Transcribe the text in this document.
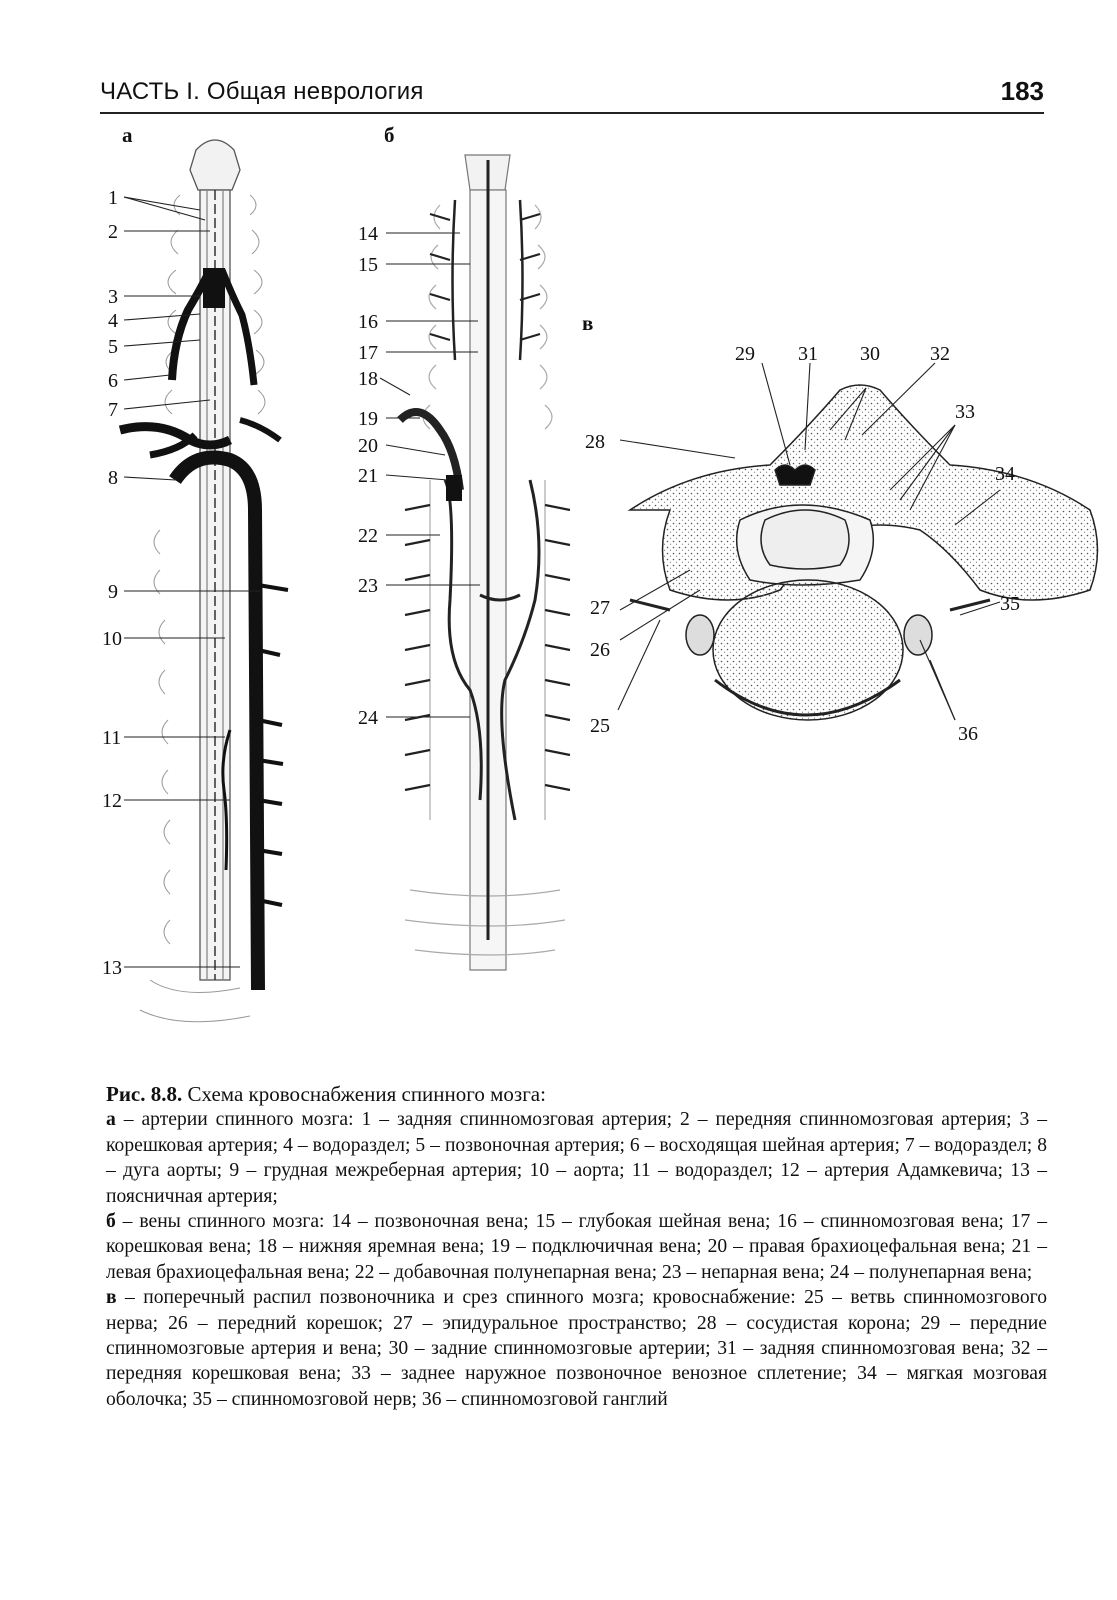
ЧАСТЬ I. Общая неврология	183
а
1
2
3
4
5
6
7
8
9
10
11
12
13
б
14
15
16
17
18
19
20
21
22
23
24
в
29 31 30	32
33
28
34
35
27
26
25	36

Рис. 8.8. Схема кровоснабжения спинного мозга:

а – артерии спинного мозга: 1 – задняя спинномозговая артерия; 2 – передняя спинномозговая артерия; 3 – корешковая артерия; 4 – водораздел; 5 – позвоночная артерия; 6 – восходящая шейная артерия; 7 – водораздел; 8 – дуга аорты; 9 – грудная межреберная артерия; 10 – аорта; 11 – водораздел; 12 – артерия Адамкевича; 13 – поясничная артерия;

б – вены спинного мозга: 14 – позвоночная вена; 15 – глубокая шейная вена; 16 – спинномозговая вена; 17 – корешковая вена; 18 – нижняя яремная вена; 19 – подключичная вена; 20 – правая брахиоцефальная вена; 21 – левая брахиоцефальная вена; 22 – добавочная полунепарная вена; 23 – непарная вена; 24 – полунепарная вена;

в – поперечный распил позвоночника и срез спинного мозга; кровоснабжение: 25 – ветвь спинномозгового нерва; 26 – передний корешок; 27 – эпидуральное пространство; 28 – сосудистая корона; 29 – передние спинномозговые артерия и вена; 30 – задние спинномозговые артерии; 31 – задняя спинномозговая вена; 32 – передняя корешковая вена; 33 – заднее наружное позвоночное венозное сплетение; 34 – мягкая мозговая оболочка; 35 – спинномозговой нерв; 36 – спинномозговой ганглий
